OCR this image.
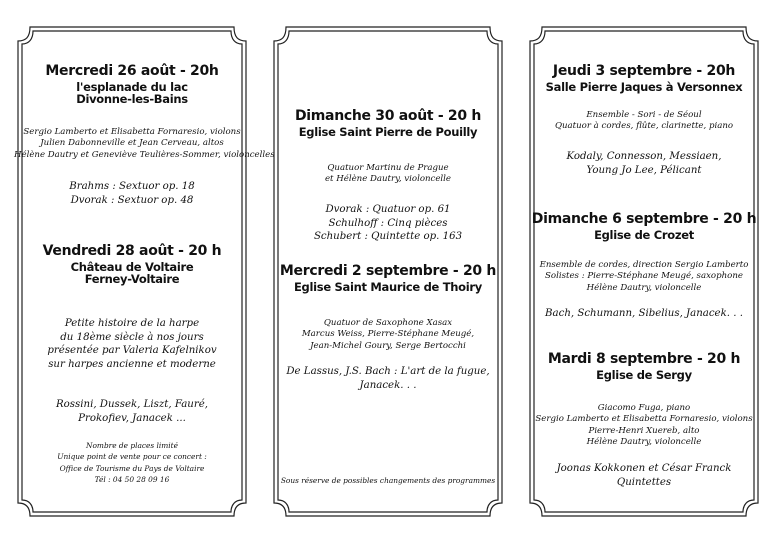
Mercredi 26 août - 20h
l'esplanade du lac
Divonne-les-Bains
Sergio Lamberto et Elisabetta Fornaresio, violons
Julien Dabonneville et Jean Cerveau, altos
Hélène Dautry et Geneviève Teulières-Sommer, violoncelles
Brahms : Sextuor op. 18
Dvorak : Sextuor op. 48
Vendredi 28 août - 20 h
Château de Voltaire
Ferney-Voltaire
Petite histoire de la harpe
du 18ème siècle à nos jours
présentée par Valeria Kafelnikov
sur harpes ancienne et moderne
Rossini, Dussek, Liszt, Fauré,
Prokofiev, Janacek ...
Nombre de places limité
Unique point de vente pour ce concert :
Office de Tourisme du Pays de Voltaire
Tél : 04 50 28 09 16
Dimanche 30 août - 20 h
Eglise Saint Pierre de Pouilly
Quatuor Martinu de Prague
et Hélène Dautry, violoncelle
Dvorak : Quatuor op. 61
Schulhoff : Cinq pièces
Schubert : Quintette op. 163
Mercredi 2 septembre - 20 h
Eglise Saint Maurice de Thoiry
Quatuor de Saxophone Xasax
Marcus Weiss, Pierre-Stéphane Meugé,
Jean-Michel Goury, Serge Bertocchi
De Lassus, J.S. Bach : L'art de la fugue,
Janacek. . .
Sous réserve de possibles changements des programmes
Jeudi 3 septembre - 20h
Salle Pierre Jaques à Versonnex
Ensemble - Sori - de Séoul
Quatuor à cordes, flûte, clarinette, piano
Kodaly, Connesson, Messiaen,
Young Jo Lee, Pélicant
Dimanche 6 septembre - 20 h
Eglise de Crozet
Ensemble de cordes, direction Sergio Lamberto
Solistes : Pierre-Stéphane Meugé, saxophone
Hélène Dautry, violoncelle
Bach, Schumann, Sibelius, Janacek. . .
Mardi 8 septembre - 20 h
Eglise de Sergy
Giacomo Fuga, piano
Sergio Lamberto et Elisabetta Fornaresio, violons
Pierre-Henri Xuereb, alto
Hélène Dautry, violoncelle
Joonas Kokkonen et César Franck
Quintettes
